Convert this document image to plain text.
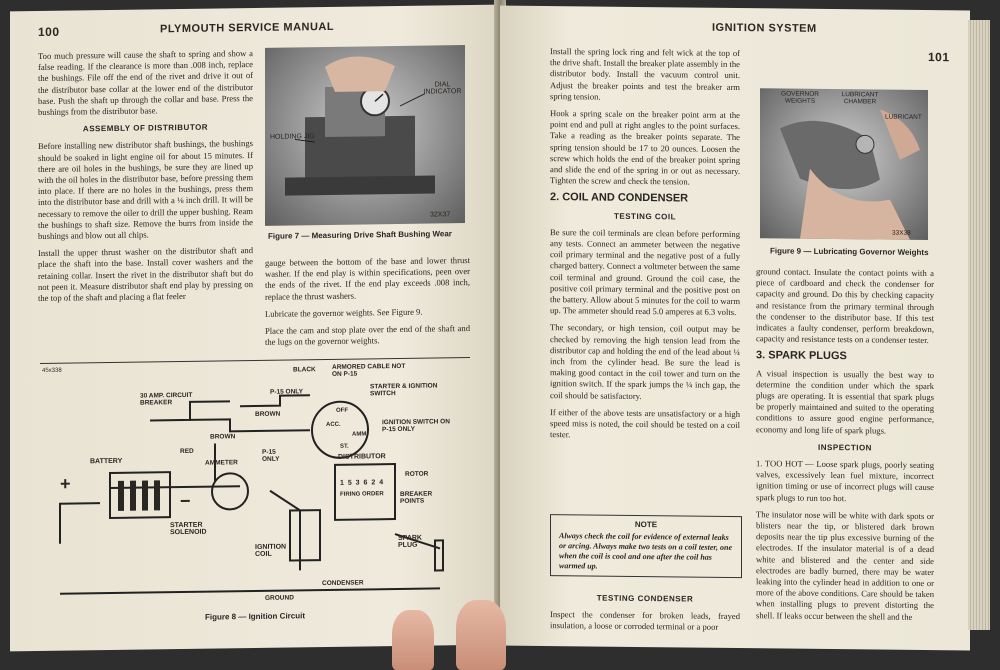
100	PLYMOUTH SERVICE MANUAL

Too much pressure will cause the shaft to spring and show a false reading. If the clearance is more than .008 inch, replace the bushings. File off the end of the rivet and drive it out of the distributor base collar at the lower end of the distributor base. Push the shaft up through the collar and base. Press the bushings from the distributor base.

ASSEMBLY OF DISTRIBUTOR

Before installing new distributor shaft bushings, the bushings should be soaked in light engine oil for about 15 minutes. If there are oil holes in the bushings, be sure they are lined up with the oil holes in the distributor base, before pressing them into place. If there are no holes in the bushings, press them into the distributor base and drill with a ⅛ inch drill. It will be necessary to remove the oiler to drill the upper bushing. Ream the bushings to shaft size. Remove the burrs from inside the bushings and blow out all chips.

Install the upper thrust washer on the distributor shaft and place the shaft into the base. Install cover washers and the retaining collar. Insert the rivet in the distributor shaft but do not peen it. Measure distributor shaft end play by pressing on the top of the shaft and placing a flat feeler

DIAL INDICATOR
HOLDING JIG
32X37
Figure 7 — Measuring Drive Shaft Bushing Wear

gauge between the bottom of the base and lower thrust washer. If the end play is within specifications, peen over the ends of the rivet. If the end play exceeds .008 inch, replace the thrust washers.

Lubricate the governor weights. See Figure 9.

Place the cam and stop plate over the end of the shaft and the lugs on the governor weights.

+
−
45x338	BLACK	ARMORED CABLE NOT ON P-15
P-15 ONLY
STARTER & IGNITION SWITCH
30 AMP. CIRCUIT BREAKER
BROWN
BROWN
RED
AMMETER
P-15 ONLY
IGNITION SWITCH ON P-15 ONLY
OFF
ACC.
AMM.
ST.
BATTERY
DISTRIBUTOR
ROTOR
1 5 3 6 2 4
FIRING ORDER	BREAKER POINTS
STARTER SOLENOID
IGNITION COIL
SPARK PLUG
CONDENSER
GROUND
Figure 8 — Ignition Circuit
IGNITION SYSTEM
101

Install the spring lock ring and felt wick at the top of the drive shaft. Install the breaker plate assembly in the distributor body. Install the vacuum control unit. Adjust the breaker points and test the breaker arm spring tension.

Hook a spring scale on the breaker point arm at the point end and pull at right angles to the point surfaces. Take a reading as the breaker points separate. The spring tension should be 17 to 20 ounces. Loosen the screw which holds the end of the breaker point spring and slide the end of the spring in or out as necessary. Tighten the screw and check the tension.

2. COIL AND CONDENSER
TESTING COIL

Be sure the coil terminals are clean before performing any tests. Connect an ammeter between the negative coil primary terminal and the negative post of a fully charged battery. Connect a voltmeter between the same coil terminal and ground. Ground the coil case, the positive coil primary terminal and the positive post on the battery. Allow about 5 minutes for the coil to warm up. The ammeter should read 5.0 amperes at 6.3 volts.

The secondary, or high tension, coil output may be checked by removing the high tension lead from the distributor cap and holding the end of the lead about ¼ inch from the cylinder head. Be sure the lead is making good contact in the coil tower and turn on the ignition switch. If the spark jumps the ¼ inch gap, the coil should be satisfactory.

If either of the above tests are unsatisfactory or a high speed miss is noted, the coil should be tested on a coil tester.

NOTE
Always check the coil for evidence of external leaks or arcing. Always make two tests on a coil tester, one when the coil is cool and one after the coil has warmed up.
TESTING CONDENSER

Inspect the condenser for broken leads, frayed insulation, a loose or corroded terminal or a poor

GOVERNOR WEIGHTS
LUBRICANT CHAMBER
LUBRICANT
33X38
Figure 9 — Lubricating Governor Weights

ground contact. Insulate the contact points with a piece of cardboard and check the condenser for capacity and ground. Do this by checking capacity and resistance from the primary terminal through the condenser to the distributor base. If this test indicates a faulty condenser, perform breakdown, capacity and resistance tests on a condenser tester.

3. SPARK PLUGS

A visual inspection is usually the best way to determine the condition under which the spark plugs are operating. It is essential that spark plugs be properly maintained and suited to the operating conditions to assure good engine performance, economy and long life of spark plugs.

INSPECTION

1. TOO HOT — Loose spark plugs, poorly seating valves, excessively lean fuel mixture, incorrect ignition timing or use of incorrect plugs will cause spark plugs to run too hot.

The insulator nose will be white with dark spots or blisters near the tip, or blistered dark brown deposits near the tip plus excessive burning of the electrodes. If the insulator material is of a dead white and blistered and the center and side electrodes are badly burned, there may be water leaking into the cylinder head in addition to one or more of the above conditions. Care should be taken when installing plugs to prevent distorting the shell. If leaks occur between the shell and the
